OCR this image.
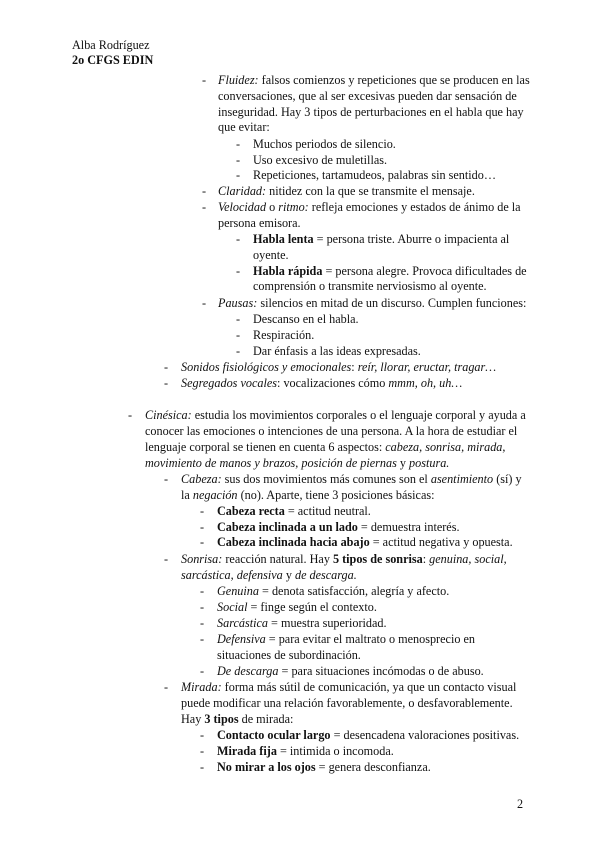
Alba Rodríguez
2o CFGS EDIN
- Fluidez: falsos comienzos y repeticiones que se producen en las
conversaciones, que al ser excesivas pueden dar sensación de
inseguridad. Hay 3 tipos de perturbaciones en el habla que hay
que evitar:
- Muchos periodos de silencio.
- Uso excesivo de muletillas.
- Repeticiones, tartamudeos, palabras sin sentido…
- Claridad: nitidez con la que se transmite el mensaje.
- Velocidad o ritmo: refleja emociones y estados de ánimo de la
persona emisora.
- Habla lenta = persona triste. Aburre o impacienta al
oyente.
- Habla rápida = persona alegre. Provoca dificultades de
comprensión o transmite nerviosismo al oyente.
- Pausas: silencios en mitad de un discurso. Cumplen funciones:
- Descanso en el habla.
- Respiración.
- Dar énfasis a las ideas expresadas.
- Sonidos fisiológicos y emocionales: reír, llorar, eructar, tragar…
- Segregados vocales: vocalizaciones cómo mmm, oh, uh…
- Cinésica: estudia los movimientos corporales o el lenguaje corporal y ayuda a
conocer las emociones o intenciones de una persona. A la hora de estudiar el
lenguaje corporal se tienen en cuenta 6 aspectos: cabeza, sonrisa, mirada,
movimiento de manos y brazos, posición de piernas y postura.
- Cabeza: sus dos movimientos más comunes son el asentimiento (sí) y
la negación (no). Aparte, tiene 3 posiciones básicas:
- Cabeza recta = actitud neutral.
- Cabeza inclinada a un lado = demuestra interés.
- Cabeza inclinada hacia abajo = actitud negativa y opuesta.
- Sonrisa: reacción natural. Hay 5 tipos de sonrisa: genuina, social,
sarcástica, defensiva y de descarga.
- Genuina = denota satisfacción, alegría y afecto.
- Social = finge según el contexto.
- Sarcástica = muestra superioridad.
- Defensiva = para evitar el maltrato o menosprecio en
situaciones de subordinación.
- De descarga = para situaciones incómodas o de abuso.
- Mirada: forma más sútil de comunicación, ya que un contacto visual
puede modificar una relación favorablemente, o desfavorablemente.
Hay 3 tipos de mirada:
- Contacto ocular largo = desencadena valoraciones positivas.
- Mirada fija = intimida o incomoda.
- No mirar a los ojos = genera desconfianza.
2
